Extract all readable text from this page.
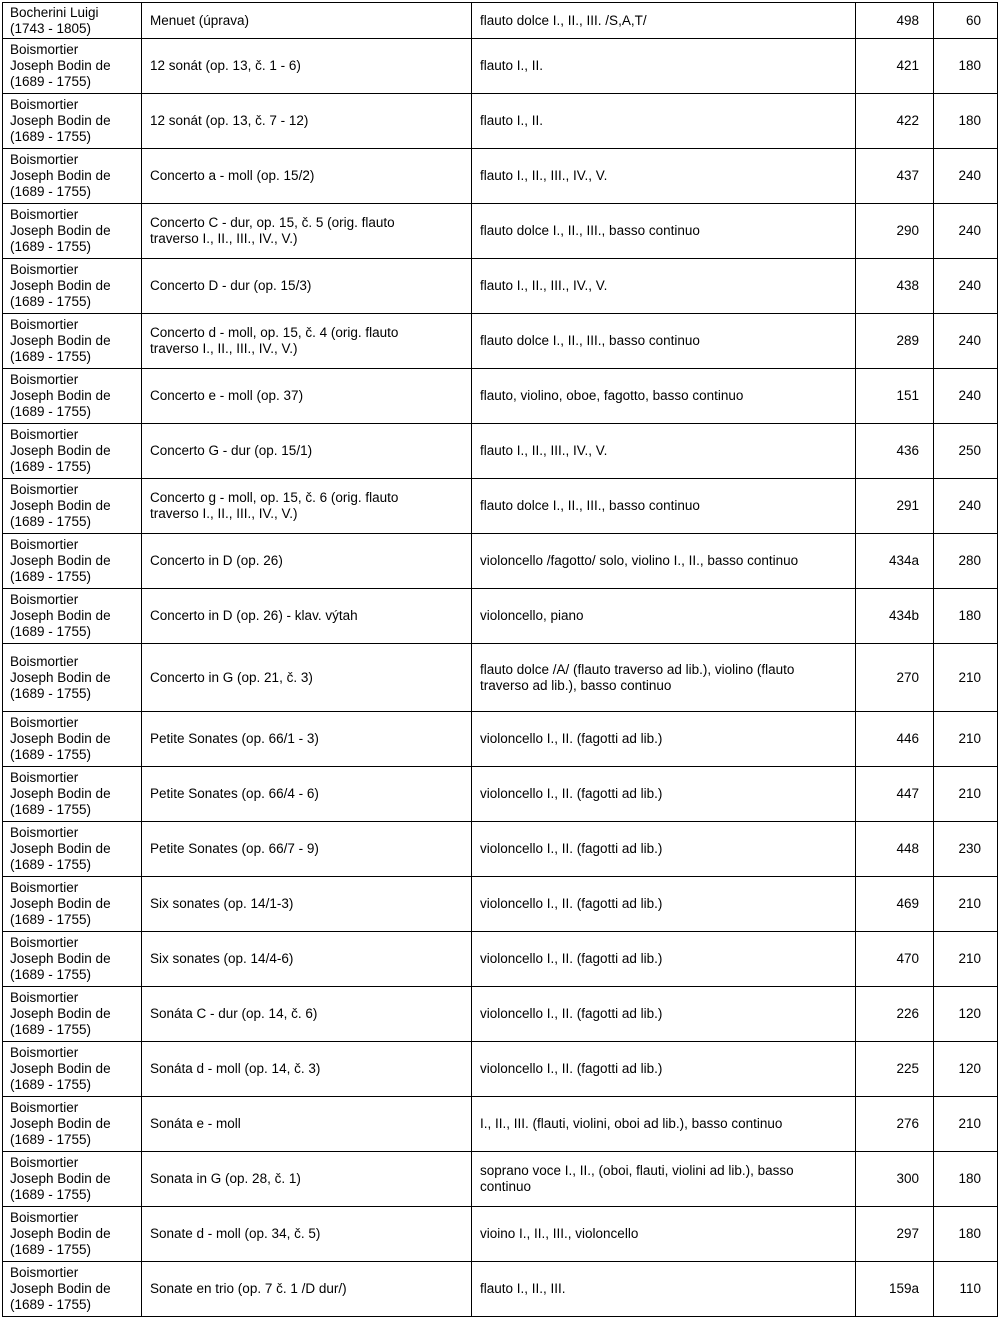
Bocherini Luigi
(1743 - 1805)	Menuet (úprava)	flauto dolce I., II., III. /S,A,T/	498	60

Boismortier
Joseph Bodin de
(1689 - 1755)	12 sonát (op. 13, č. 1 - 6)	flauto I., II.	421	180

Boismortier
Joseph Bodin de
(1689 - 1755)	12 sonát (op. 13, č. 7 - 12)	flauto I., II.	422	180

Boismortier
Joseph Bodin de
(1689 - 1755)	Concerto a - moll (op. 15/2)	flauto I., II., III., IV., V.	437	240

Boismortier
Joseph Bodin de
(1689 - 1755)	Concerto C - dur, op. 15, č. 5 (orig. flauto
traverso I., II., III., IV., V.)	flauto dolce I., II., III., basso continuo	290	240

Boismortier
Joseph Bodin de
(1689 - 1755)	Concerto D - dur (op. 15/3)	flauto I., II., III., IV., V.	438	240

Boismortier
Joseph Bodin de
(1689 - 1755)	Concerto d - moll, op. 15, č. 4 (orig. flauto
traverso I., II., III., IV., V.)	flauto dolce I., II., III., basso continuo	289	240

Boismortier
Joseph Bodin de
(1689 - 1755)	Concerto e - moll (op. 37)	flauto, violino, oboe, fagotto, basso continuo	151	240

Boismortier
Joseph Bodin de
(1689 - 1755)	Concerto G - dur (op. 15/1)	flauto I., II., III., IV., V.	436	250

Boismortier
Joseph Bodin de
(1689 - 1755)	Concerto g - moll, op. 15, č. 6 (orig. flauto
traverso I., II., III., IV., V.)	flauto dolce I., II., III., basso continuo	291	240

Boismortier
Joseph Bodin de
(1689 - 1755)	Concerto in D (op. 26)	violoncello /fagotto/ solo, violino I., II., basso continuo	434a	280

Boismortier
Joseph Bodin de
(1689 - 1755)	Concerto in D (op. 26) - klav. výtah	violoncello, piano	434b	180

Boismortier
Joseph Bodin de
(1689 - 1755)	Concerto in G (op. 21, č. 3)	flauto dolce /A/ (flauto traverso ad lib.), violino (flauto
traverso ad lib.), basso continuo	270	210

Boismortier
Joseph Bodin de
(1689 - 1755)	Petite Sonates (op. 66/1 - 3)	violoncello I., II. (fagotti ad lib.)	446	210

Boismortier
Joseph Bodin de
(1689 - 1755)	Petite Sonates (op. 66/4 - 6)	violoncello I., II. (fagotti ad lib.)	447	210

Boismortier
Joseph Bodin de
(1689 - 1755)	Petite Sonates (op. 66/7 - 9)	violoncello I., II. (fagotti ad lib.)	448	230

Boismortier
Joseph Bodin de
(1689 - 1755)	Six sonates (op. 14/1-3)	violoncello I., II. (fagotti ad lib.)	469	210

Boismortier
Joseph Bodin de
(1689 - 1755)	Six sonates (op. 14/4-6)	violoncello I., II. (fagotti ad lib.)	470	210

Boismortier
Joseph Bodin de
(1689 - 1755)	Sonáta C - dur (op. 14, č. 6)	violoncello I., II. (fagotti ad lib.)	226	120

Boismortier
Joseph Bodin de
(1689 - 1755)	Sonáta d - moll (op. 14, č. 3)	violoncello I., II. (fagotti ad lib.)	225	120

Boismortier
Joseph Bodin de
(1689 - 1755)	Sonáta e - moll	I., II., III. (flauti, violini, oboi ad lib.), basso continuo	276	210

Boismortier
Joseph Bodin de
(1689 - 1755)	Sonata in G (op. 28, č. 1)	soprano voce I., II., (oboi, flauti, violini ad lib.), basso
continuo	300	180

Boismortier
Joseph Bodin de
(1689 - 1755)	Sonate d - moll (op. 34, č. 5)	vioino I., II., III., violoncello	297	180

Boismortier
Joseph Bodin de
(1689 - 1755)	Sonate en trio (op. 7 č. 1 /D dur/)	flauto I., II., III.	159a	110
